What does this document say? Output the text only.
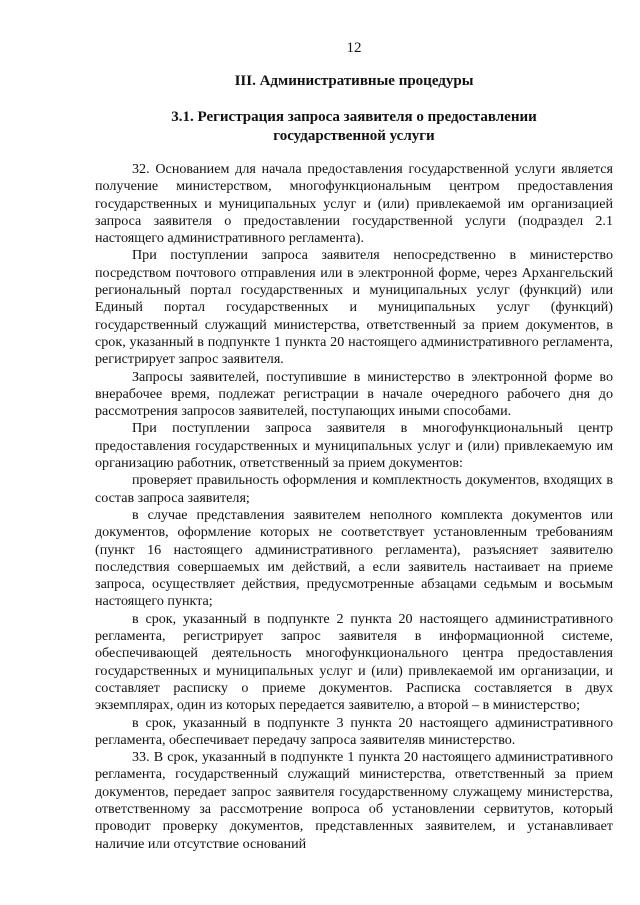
12
III. Административные процедуры
3.1. Регистрация запроса заявителя о предоставлении государственной услуги

32. Основанием для начала предоставления государственной услуги является получение министерством, многофункциональным центром предоставления государственных и муниципальных услуг и (или) привлекаемой им организацией запроса заявителя о предоставлении государственной услуги (подраздел 2.1 настоящего административного регламента).

При поступлении запроса заявителя непосредственно в министерство посредством почтового отправления или в электронной форме, через Архангельский региональный портал государственных и муниципальных услуг (функций) или Единый портал государственных и муниципальных услуг (функций) государственный служащий министерства, ответственный за прием документов, в срок, указанный в подпункте 1 пункта 20 настоящего административного регламента, регистрирует запрос заявителя.

Запросы заявителей, поступившие в министерство в электронной форме во внерабочее время, подлежат регистрации в начале очередного рабочего дня до рассмотрения запросов заявителей, поступающих иными способами.

При поступлении запроса заявителя в многофункциональный центр предоставления государственных и муниципальных услуг и (или) привлекаемую им организацию работник, ответственный за прием документов:

проверяет правильность оформления и комплектность документов, входящих в состав запроса заявителя;

в случае представления заявителем неполного комплекта документов или документов, оформление которых не соответствует установленным требованиям (пункт 16 настоящего административного регламента), разъясняет заявителю последствия совершаемых им действий, а если заявитель настаивает на приеме запроса, осуществляет действия, предусмотренные абзацами седьмым и восьмым настоящего пункта;

в срок, указанный в подпункте 2 пункта 20 настоящего административного регламента, регистрирует запрос заявителя в информационной системе, обеспечивающей деятельность многофункционального центра предоставления государственных и муниципальных услуг и (или) привлекаемой им организации, и составляет расписку о приеме документов. Расписка составляется в двух экземплярах, один из которых передается заявителю, а второй – в министерство;

в срок, указанный в подпункте 3 пункта 20 настоящего административного регламента, обеспечивает передачу запроса заявителяв министерство.

33. В срок, указанный в подпункте 1 пункта 20 настоящего административного регламента, государственный служащий министерства, ответственный за прием документов, передает запрос заявителя государственному служащему министерства, ответственному за рассмотрение вопроса об установлении сервитутов, который проводит проверку документов, представленных заявителем, и устанавливает наличие или отсутствие оснований
